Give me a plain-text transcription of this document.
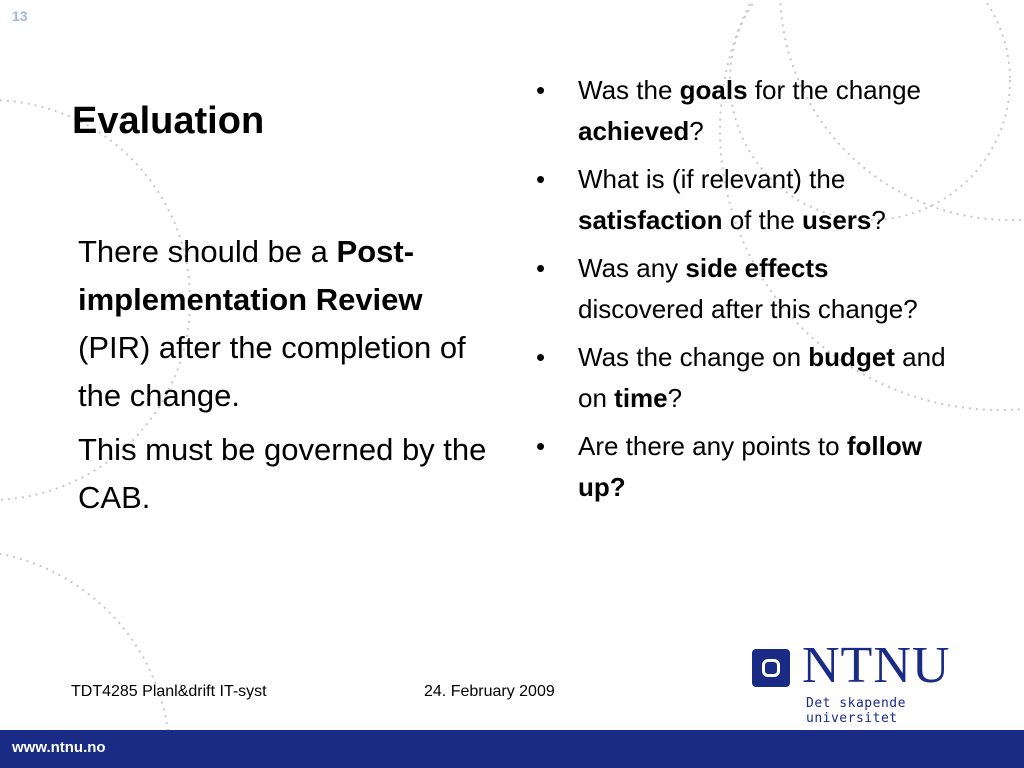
13
Evaluation

There should be a Post-implementation Review (PIR) after the completion of the change.

This must be governed by the CAB.

• Was the goals for the change achieved?
• What is (if relevant) the satisfaction of the users?
• Was any side effects discovered after this change?
• Was the change on budget and on time?
• Are there any points to follow up?
TDT4285 Planl&drift IT-syst	24. February 2009	NTNU
Det skapende universitet
www.ntnu.no
